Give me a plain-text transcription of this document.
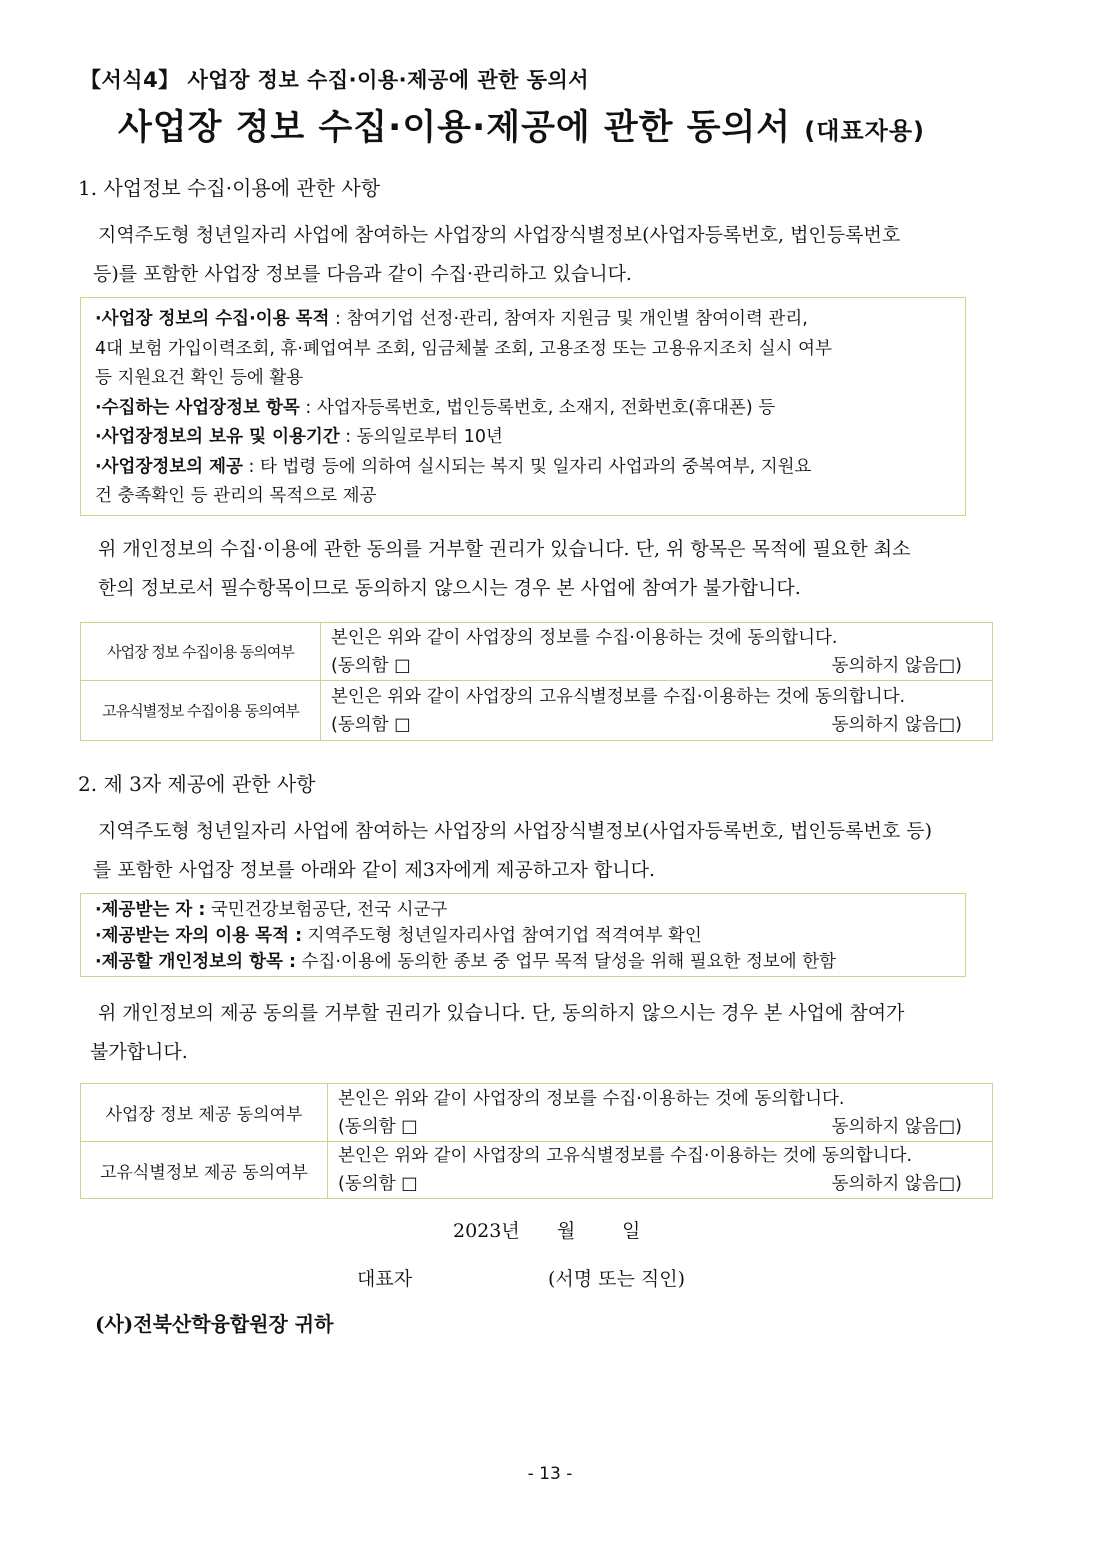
【서식4】 사업장 정보 수집·이용·제공에 관한 동의서
사업장 정보 수집·이용·제공에 관한 동의서 (대표자용)
1. 사업정보 수집·이용에 관한 사항
지역주도형 청년일자리 사업에 참여하는 사업장의 사업장식별정보(사업자등록번호, 법인등록번호
등)를 포함한 사업장 정보를 다음과 같이 수집·관리하고 있습니다.
·사업장 정보의 수집·이용 목적 : 참여기업 선정·관리, 참여자 지원금 및 개인별 참여이력 관리,
4대 보험 가입이력조회, 휴·폐업여부 조회, 임금체불 조회, 고용조정 또는 고용유지조치 실시 여부
등 지원요건 확인 등에 활용
·수집하는 사업장정보 항목 : 사업자등록번호, 법인등록번호, 소재지, 전화번호(휴대폰) 등
·사업장정보의 보유 및 이용기간 : 동의일로부터 10년
·사업장정보의 제공 : 타 법령 등에 의하여 실시되는 복지 및 일자리 사업과의 중복여부, 지원요
건 충족확인 등 관리의 목적으로 제공
위 개인정보의 수집·이용에 관한 동의를 거부할 권리가 있습니다. 단, 위 항목은 목적에 필요한 최소
한의 정보로서 필수항목이므로 동의하지 않으시는 경우 본 사업에 참여가 불가합니다.
사업장 정보 수집이용 동의여부	본인은 위와 같이 사업장의 정보를 수집·이용하는 것에 동의합니다.
(동의함 □ 동의하지 않음□)

고유식별정보 수집이용 동의여부	본인은 위와 같이 사업장의 고유식별정보를 수집·이용하는 것에 동의합니다.
(동의함 □ 동의하지 않음□)
2. 제 3자 제공에 관한 사항
지역주도형 청년일자리 사업에 참여하는 사업장의 사업장식별정보(사업자등록번호, 법인등록번호 등)
를 포함한 사업장 정보를 아래와 같이 제3자에게 제공하고자 합니다.
·제공받는 자 : 국민건강보험공단, 전국 시군구
·제공받는 자의 이용 목적 : 지역주도형 청년일자리사업 참여기업 적격여부 확인
·제공할 개인정보의 항목 : 수집·이용에 동의한 종보 중 업무 목적 달성을 위해 필요한 정보에 한함
위 개인정보의 제공 동의를 거부할 권리가 있습니다. 단, 동의하지 않으시는 경우 본 사업에 참여가
불가합니다.
사업장 정보 제공 동의여부	본인은 위와 같이 사업장의 정보를 수집·이용하는 것에 동의합니다.
(동의함 □ 동의하지 않음□)

고유식별정보 제공 동의여부	본인은 위와 같이 사업장의 고유식별정보를 수집·이용하는 것에 동의합니다.
(동의함 □ 동의하지 않음□)
2023년 월 일
대표자	(서명 또는 직인)
(사)전북산학융합원장 귀하
- 13 -
